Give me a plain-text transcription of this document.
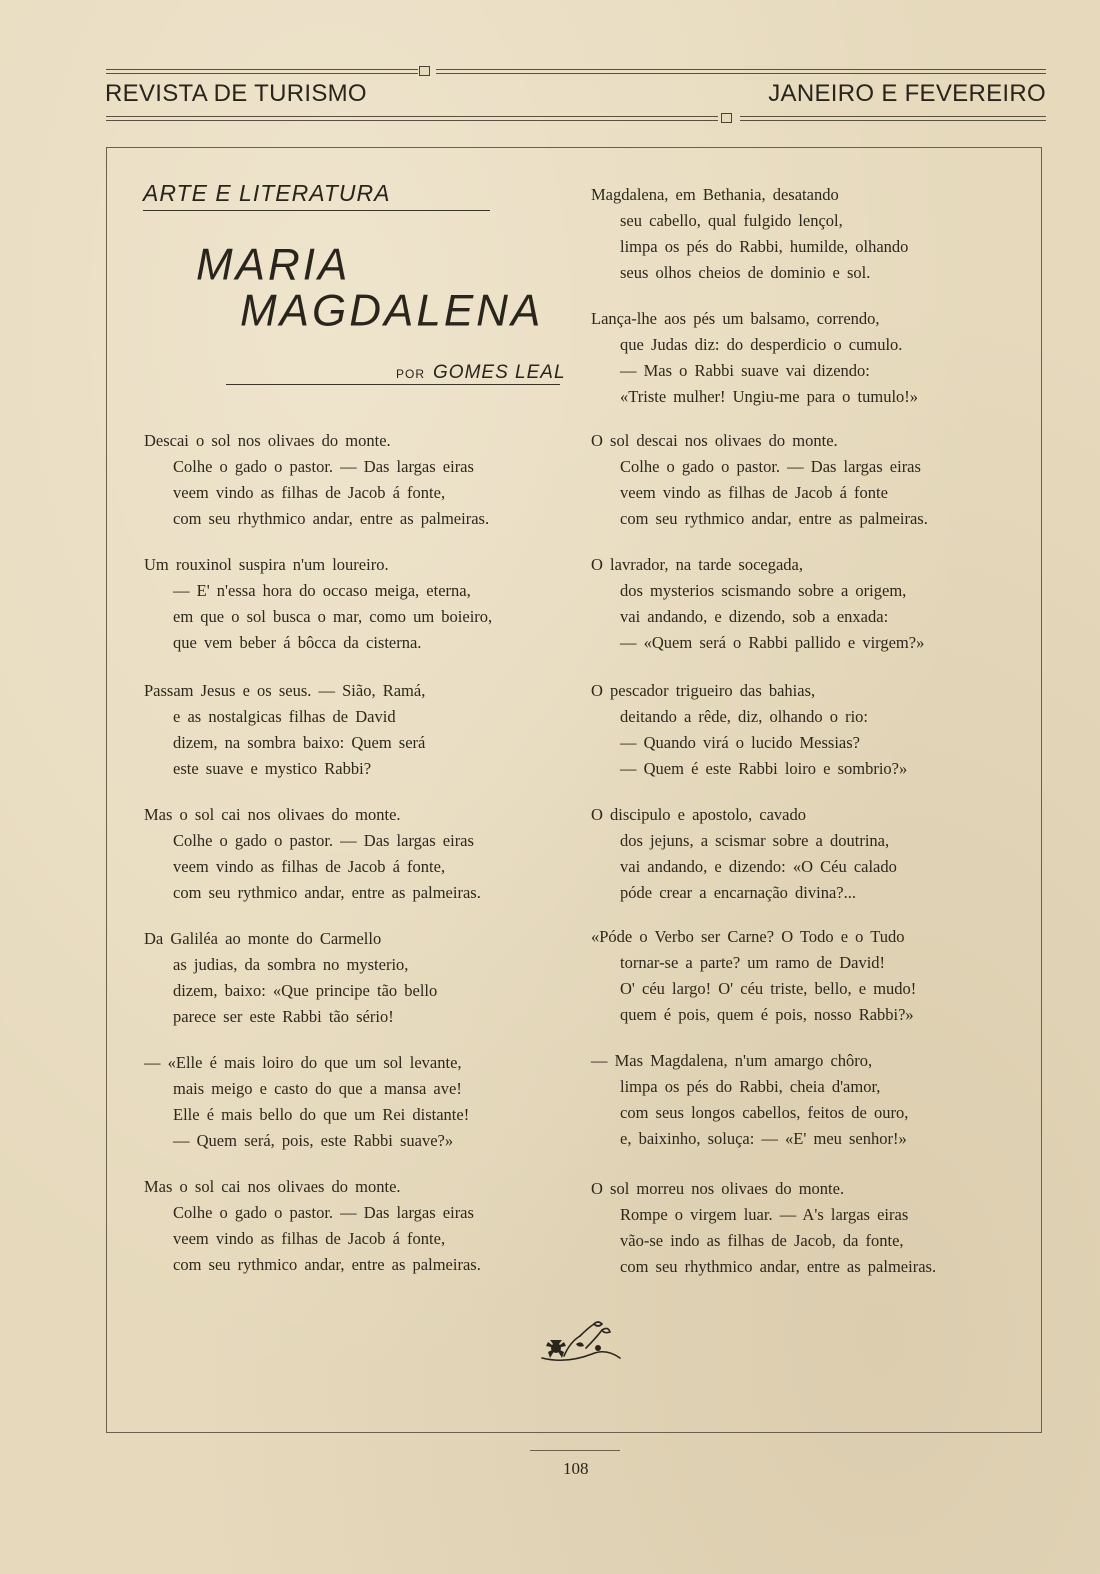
REVISTA DE TURISMO	JANEIRO E FEVEREIRO
ARTE E LITERATURA
MARIA
MAGDALENA
POR GOMES LEAL
Descai o sol nos olivaes do monte.
Colhe o gado o pastor. — Das largas eiras
veem vindo as filhas de Jacob á fonte,
com seu rhythmico andar, entre as palmeiras.
Um rouxinol suspira n'um loureiro.
— E' n'essa hora do occaso meiga, eterna,
em que o sol busca o mar, como um boieiro,
que vem beber á bôcca da cisterna.
Passam Jesus e os seus. — Sião, Ramá,
e as nostalgicas filhas de David
dizem, na sombra baixo: Quem será
este suave e mystico Rabbi?
Mas o sol cai nos olivaes do monte.
Colhe o gado o pastor. — Das largas eiras
veem vindo as filhas de Jacob á fonte,
com seu rythmico andar, entre as palmeiras.
Da Galiléa ao monte do Carmello
as judias, da sombra no mysterio,
dizem, baixo: «Que principe tão bello
parece ser este Rabbi tão sério!
— «Elle é mais loiro do que um sol levante,
mais meigo e casto do que a mansa ave!
Elle é mais bello do que um Rei distante!
— Quem será, pois, este Rabbi suave?»
Mas o sol cai nos olivaes do monte.
Colhe o gado o pastor. — Das largas eiras
veem vindo as filhas de Jacob á fonte,
com seu rythmico andar, entre as palmeiras.
Magdalena, em Bethania, desatando
seu cabello, qual fulgido lençol,
limpa os pés do Rabbi, humilde, olhando
seus olhos cheios de dominio e sol.
Lança-lhe aos pés um balsamo, correndo,
que Judas diz: do desperdicio o cumulo.
— Mas o Rabbi suave vai dizendo:
«Triste mulher! Ungiu-me para o tumulo!»
O sol descai nos olivaes do monte.
Colhe o gado o pastor. — Das largas eiras
veem vindo as filhas de Jacob á fonte
com seu rythmico andar, entre as palmeiras.
O lavrador, na tarde socegada,
dos mysterios scismando sobre a origem,
vai andando, e dizendo, sob a enxada:
— «Quem será o Rabbi pallido e virgem?»
O pescador trigueiro das bahias,
deitando a rêde, diz, olhando o rio:
— Quando virá o lucido Messias?
— Quem é este Rabbi loiro e sombrio?»
O discipulo e apostolo, cavado
dos jejuns, a scismar sobre a doutrina,
vai andando, e dizendo: «O Céu calado
póde crear a encarnação divina?...
«Póde o Verbo ser Carne? O Todo e o Tudo
tornar-se a parte? um ramo de David!
O' céu largo! O' céu triste, bello, e mudo!
quem é pois, quem é pois, nosso Rabbi?»
— Mas Magdalena, n'um amargo chôro,
limpa os pés do Rabbi, cheia d'amor,
com seus longos cabellos, feitos de ouro,
e, baixinho, soluça: — «E' meu senhor!»
O sol morreu nos olivaes do monte.
Rompe o virgem luar. — A's largas eiras
vão-se indo as filhas de Jacob, da fonte,
com seu rhythmico andar, entre as palmeiras.
108
